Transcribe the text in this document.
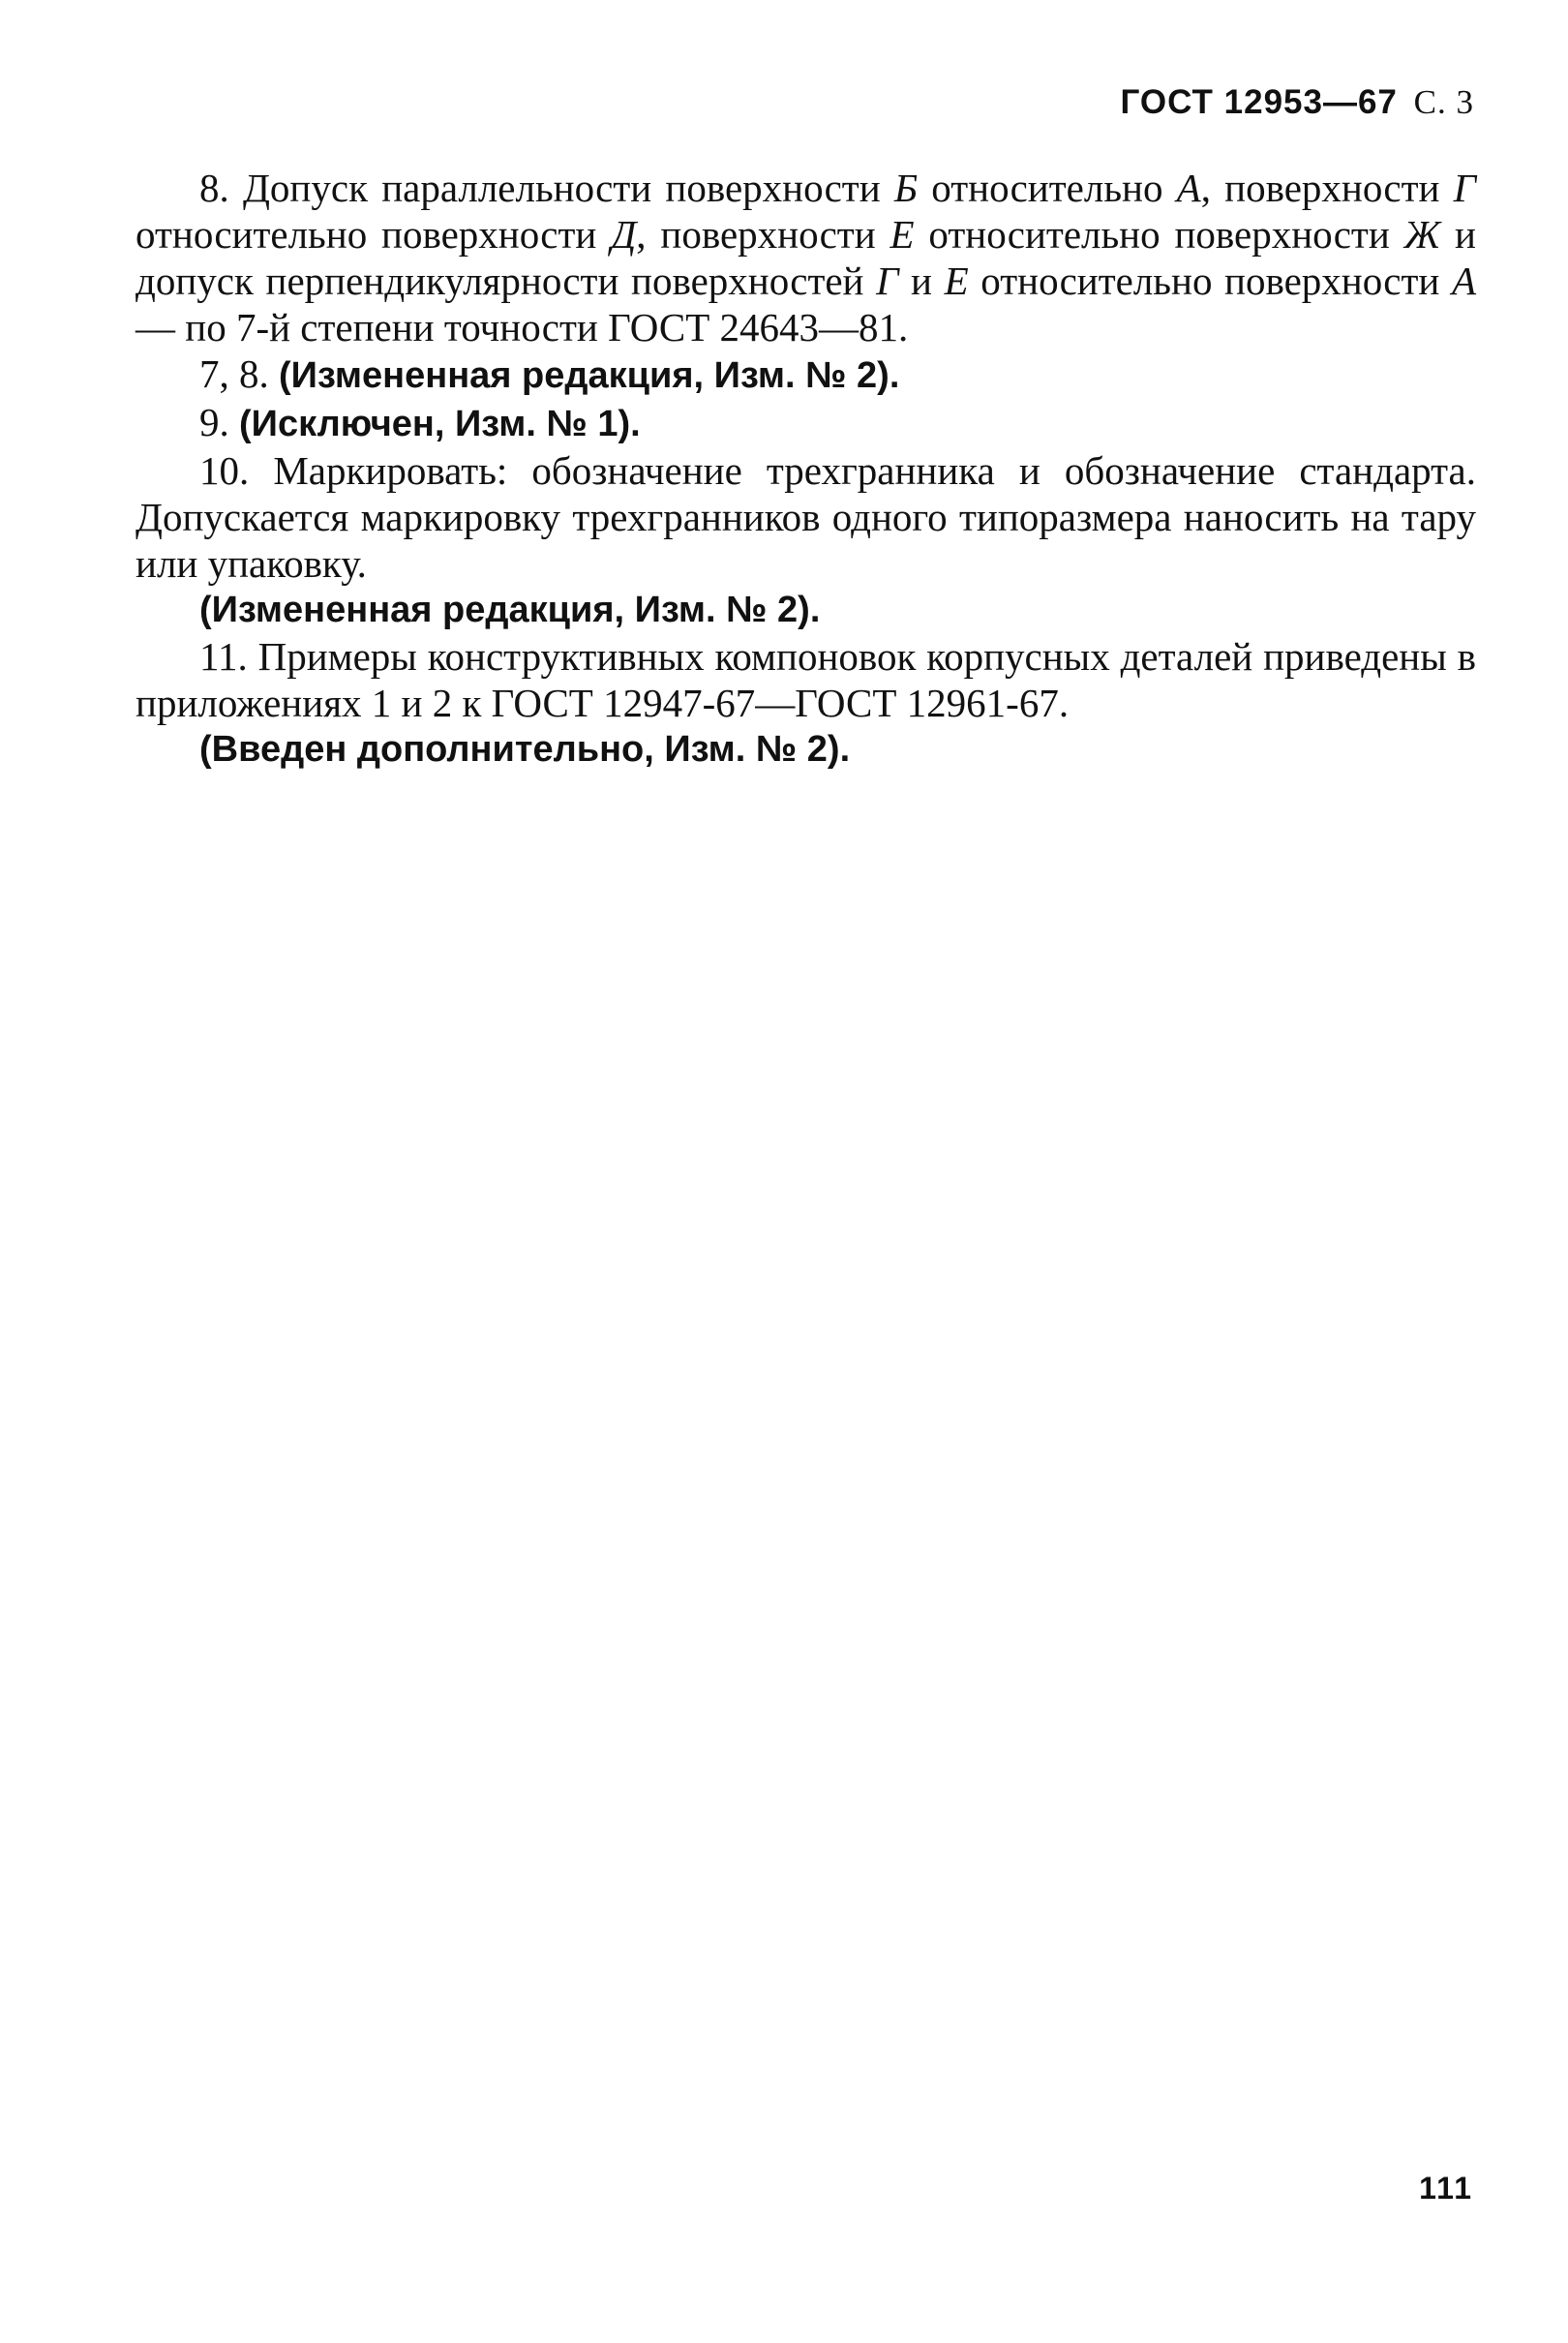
ГОСТ 12953—67 С. 3

8. Допуск параллельности поверхности Б относительно А, поверхности Г относительно поверхности Д, поверхности Е относительно поверхности Ж и допуск перпендикулярности поверхностей Г и Е относительно поверхности А — по 7-й степени точности ГОСТ 24643—81.

7, 8. (Измененная редакция, Изм. № 2).

9. (Исключен, Изм. № 1).

10. Маркировать: обозначение трехгранника и обозначение стандарта. Допускается маркировку трехгранников одного типоразмера наносить на тару или упаковку.

(Измененная редакция, Изм. № 2).

11. Примеры конструктивных компоновок корпусных деталей приведены в приложениях 1 и 2 к ГОСТ 12947-67—ГОСТ 12961-67.

(Введен дополнительно, Изм. № 2).

111
